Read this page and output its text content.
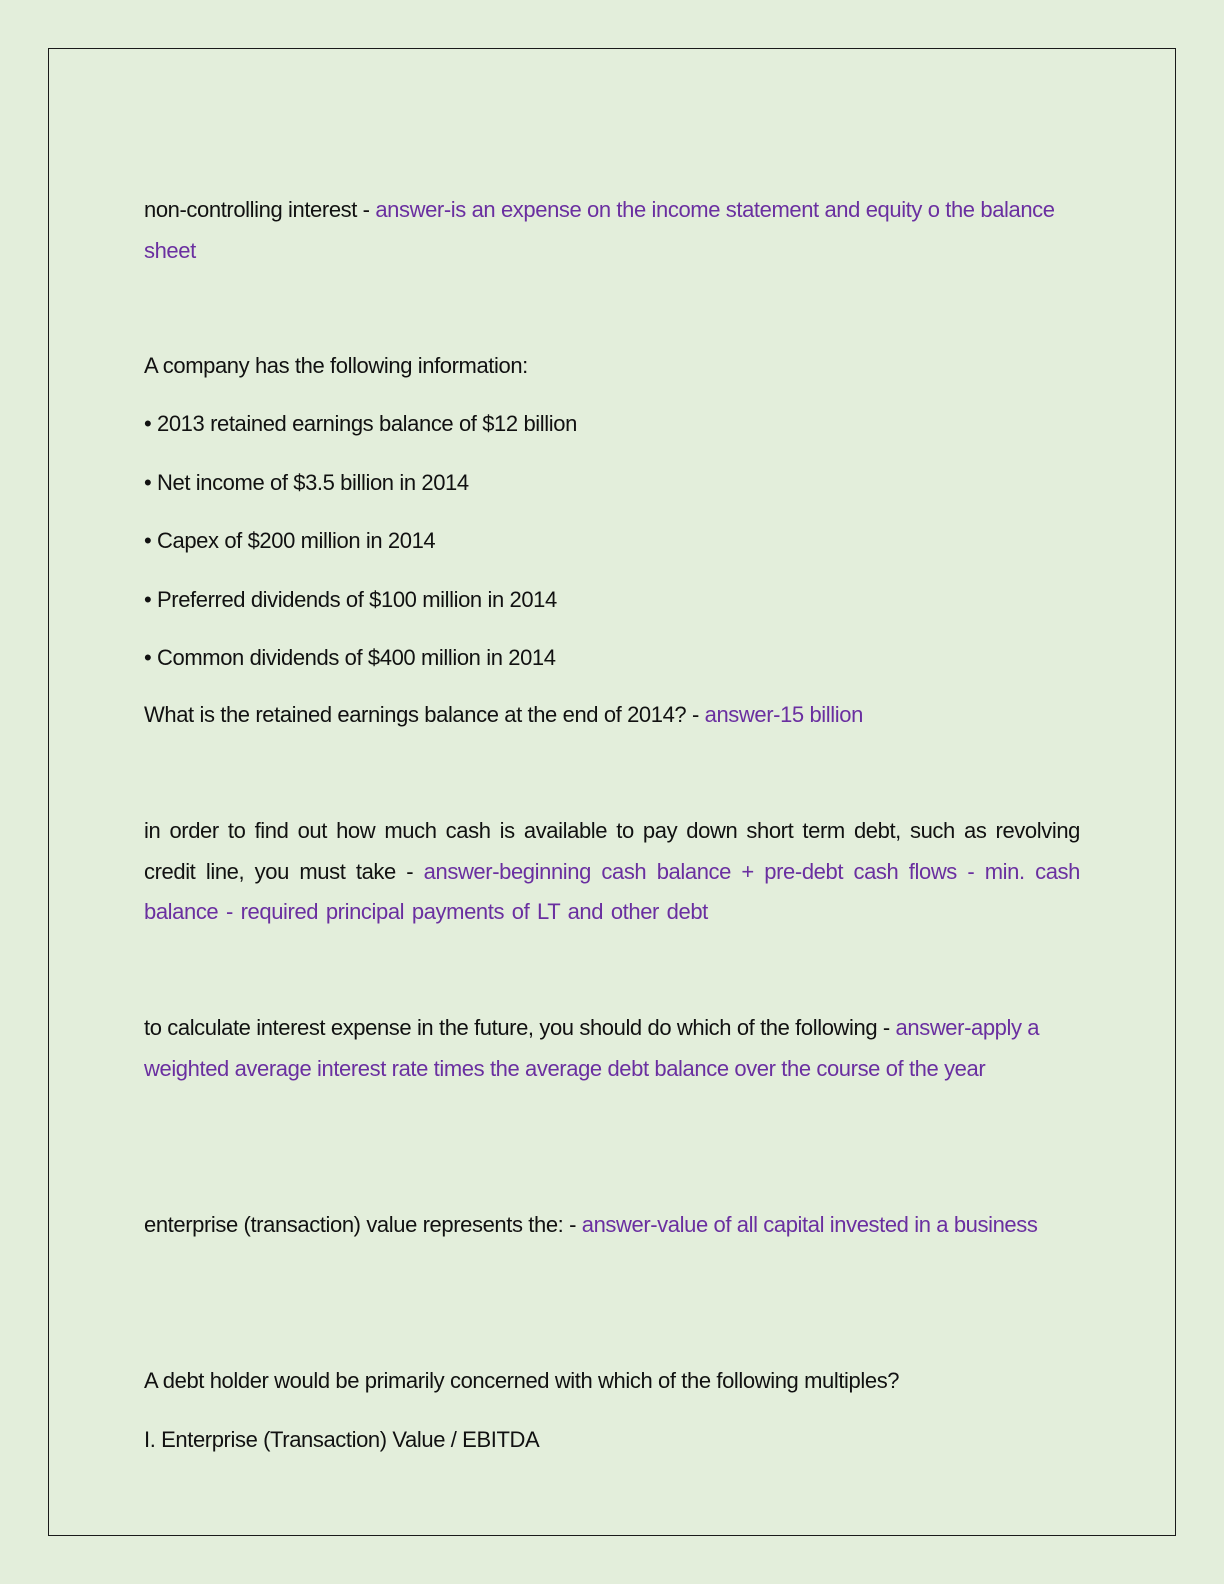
non-controlling interest - answer-is an expense on the income statement and equity o the balance sheet

A company has the following information:

• 2013 retained earnings balance of $12 billion

• Net income of $3.5 billion in 2014

• Capex of $200 million in 2014

• Preferred dividends of $100 million in 2014

• Common dividends of $400 million in 2014

What is the retained earnings balance at the end of 2014? - answer-15 billion

in order to find out how much cash is available to pay down short term debt, such as revolving credit line, you must take - answer-beginning cash balance + pre-debt cash flows - min. cash balance - required principal payments of LT and other debt

to calculate interest expense in the future, you should do which of the following - answer-apply a weighted average interest rate times the average debt balance over the course of the year

enterprise (transaction) value represents the: - answer-value of all capital invested in a business

A debt holder would be primarily concerned with which of the following multiples?

I. Enterprise (Transaction) Value / EBITDA
